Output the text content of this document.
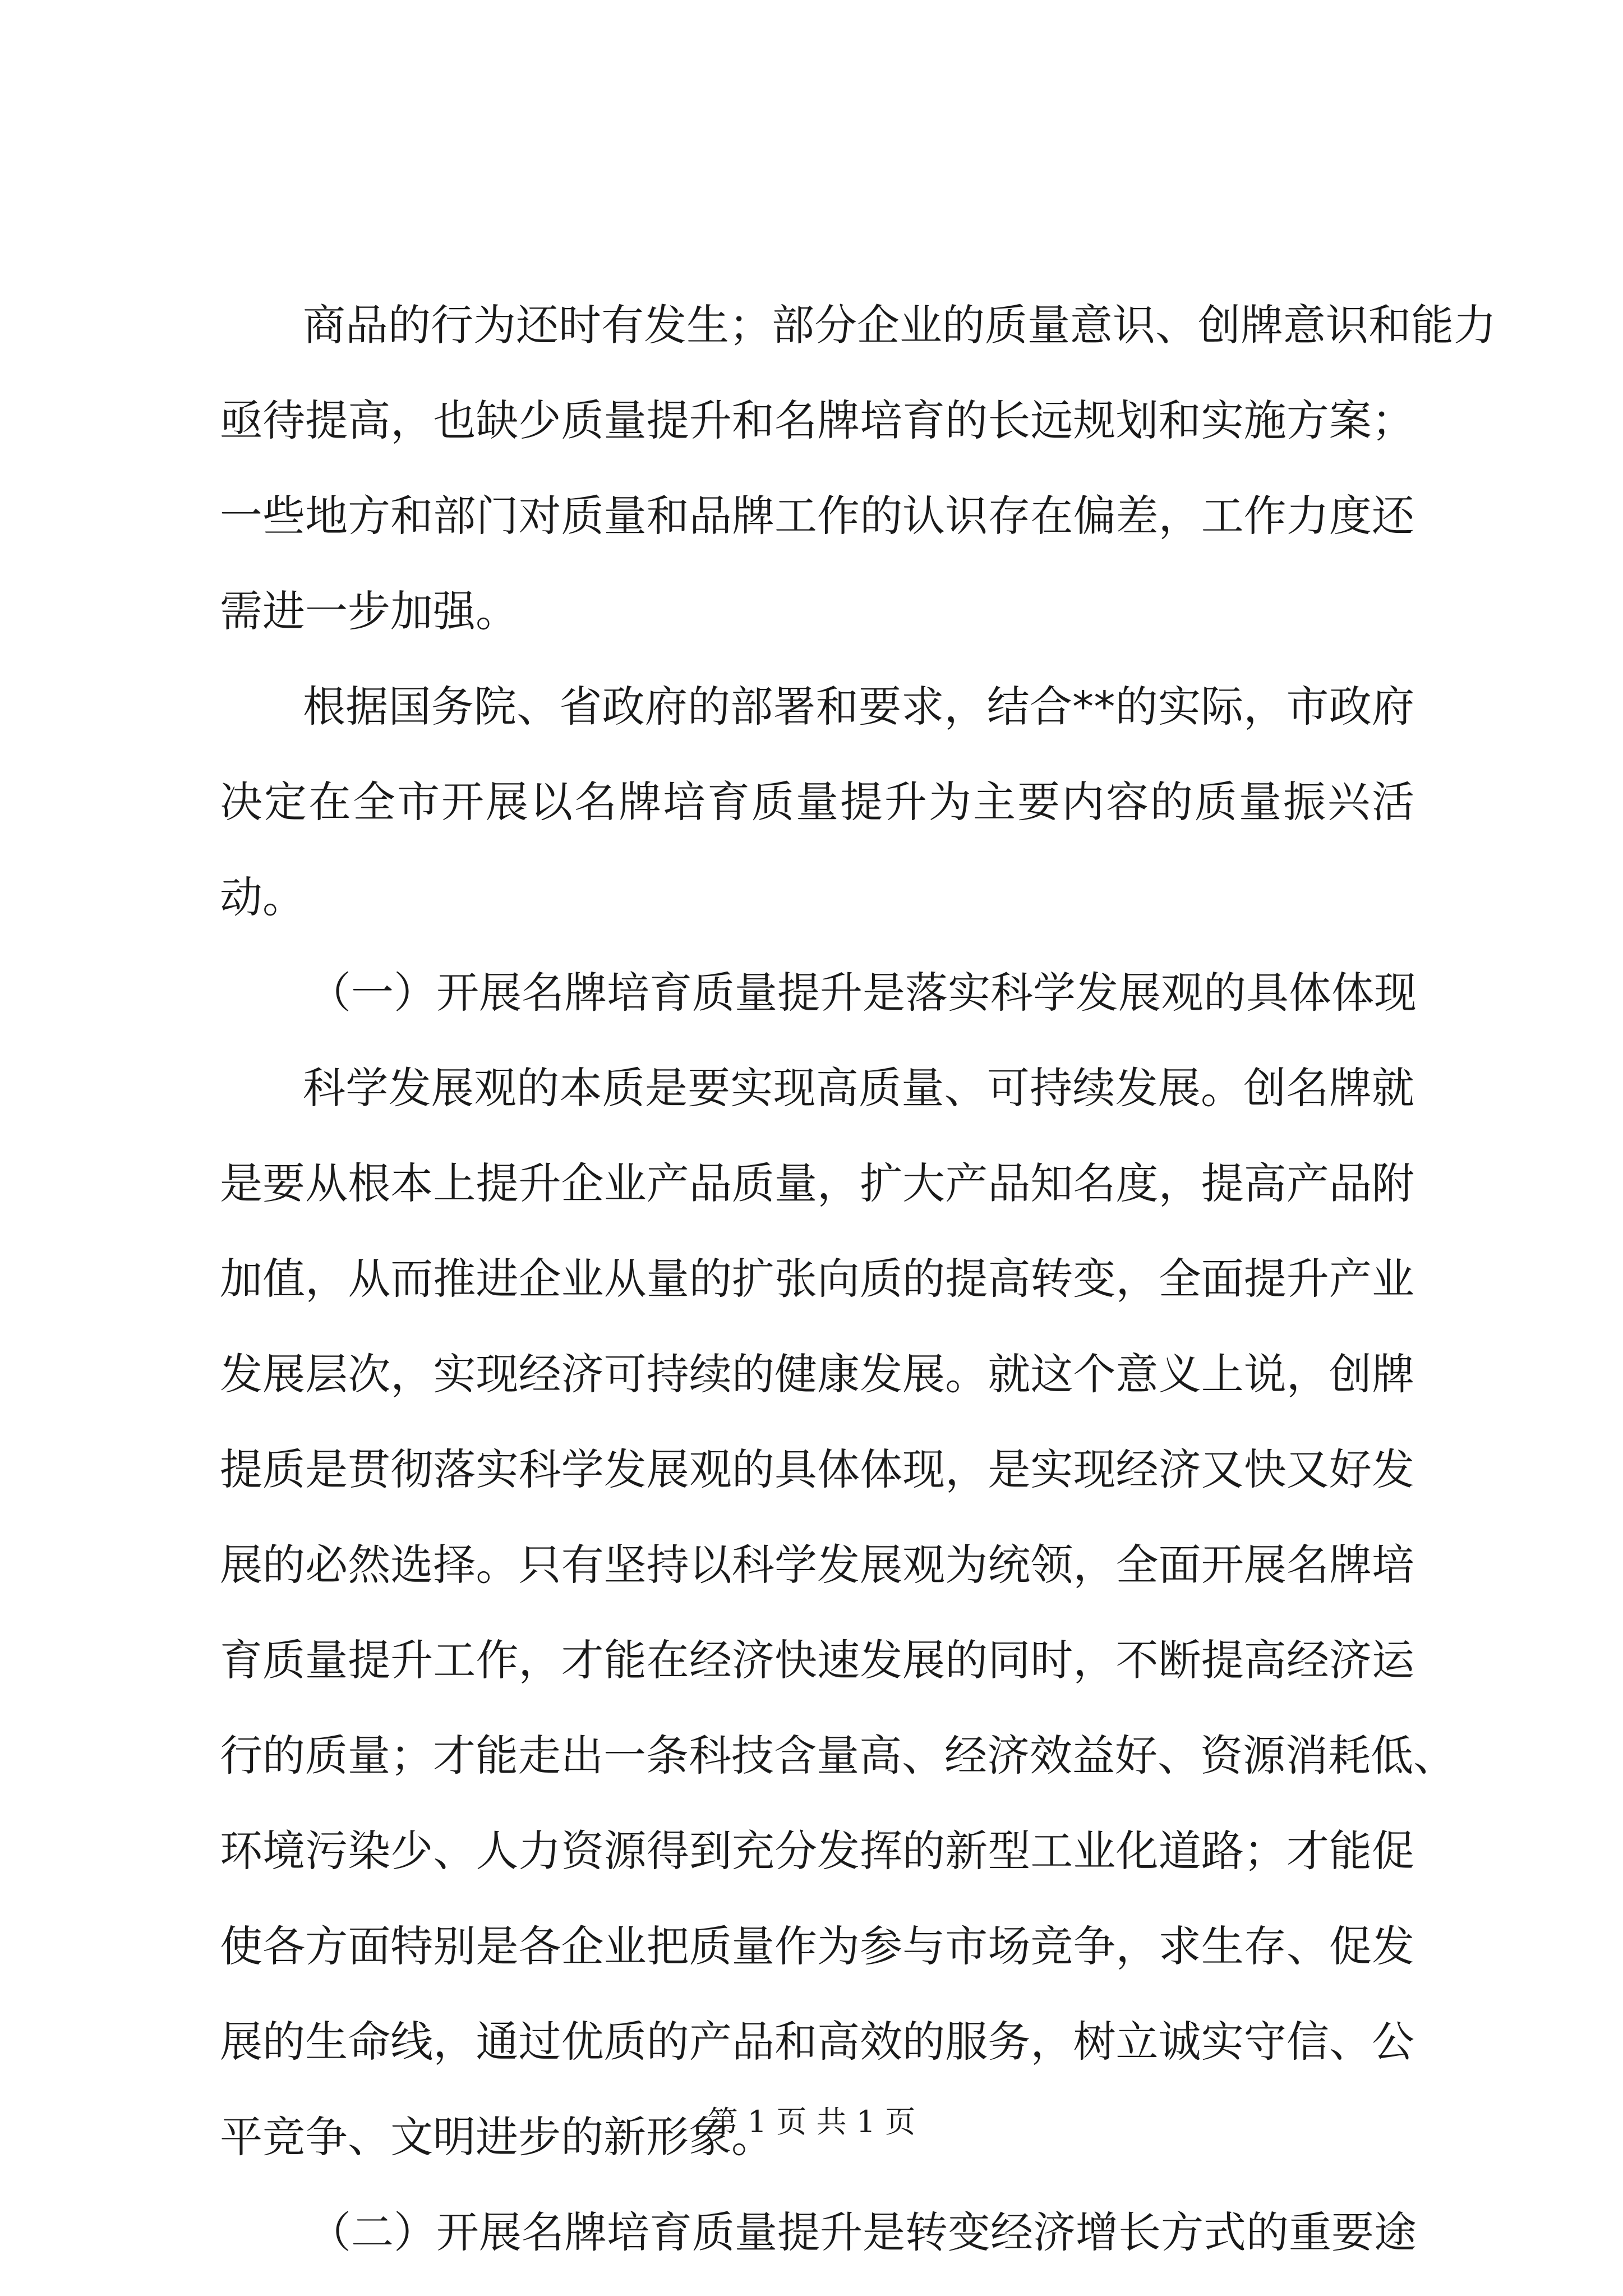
第 1 页 共 1 页
商品的行为还时有发生；部分企业的质量意识、创牌意识和能力
亟待提高，也缺少质量提升和名牌培育的长远规划和实施方案；
一些地方和部门对质量和品牌工作的认识存在偏差，工作力度还
需进一步加强。
根据国务院、省政府的部署和要求，结合**的实际，市政府
决定在全市开展以名牌培育质量提升为主要内容的质量振兴活
动。
（一）开展名牌培育质量提升是落实科学发展观的具体体现
科学发展观的本质是要实现高质量、可持续发展。创名牌就
是要从根本上提升企业产品质量，扩大产品知名度，提高产品附
加值，从而推进企业从量的扩张向质的提高转变，全面提升产业
发展层次，实现经济可持续的健康发展。就这个意义上说，创牌
提质是贯彻落实科学发展观的具体体现，是实现经济又快又好发
展的必然选择。只有坚持以科学发展观为统领，全面开展名牌培
育质量提升工作，才能在经济快速发展的同时，不断提高经济运
行的质量；才能走出一条科技含量高、经济效益好、资源消耗低、
环境污染少、人力资源得到充分发挥的新型工业化道路；才能促
使各方面特别是各企业把质量作为参与市场竞争，求生存、促发
展的生命线，通过优质的产品和高效的服务，树立诚实守信、公
平竞争、文明进步的新形象。
（二）开展名牌培育质量提升是转变经济增长方式的重要途
